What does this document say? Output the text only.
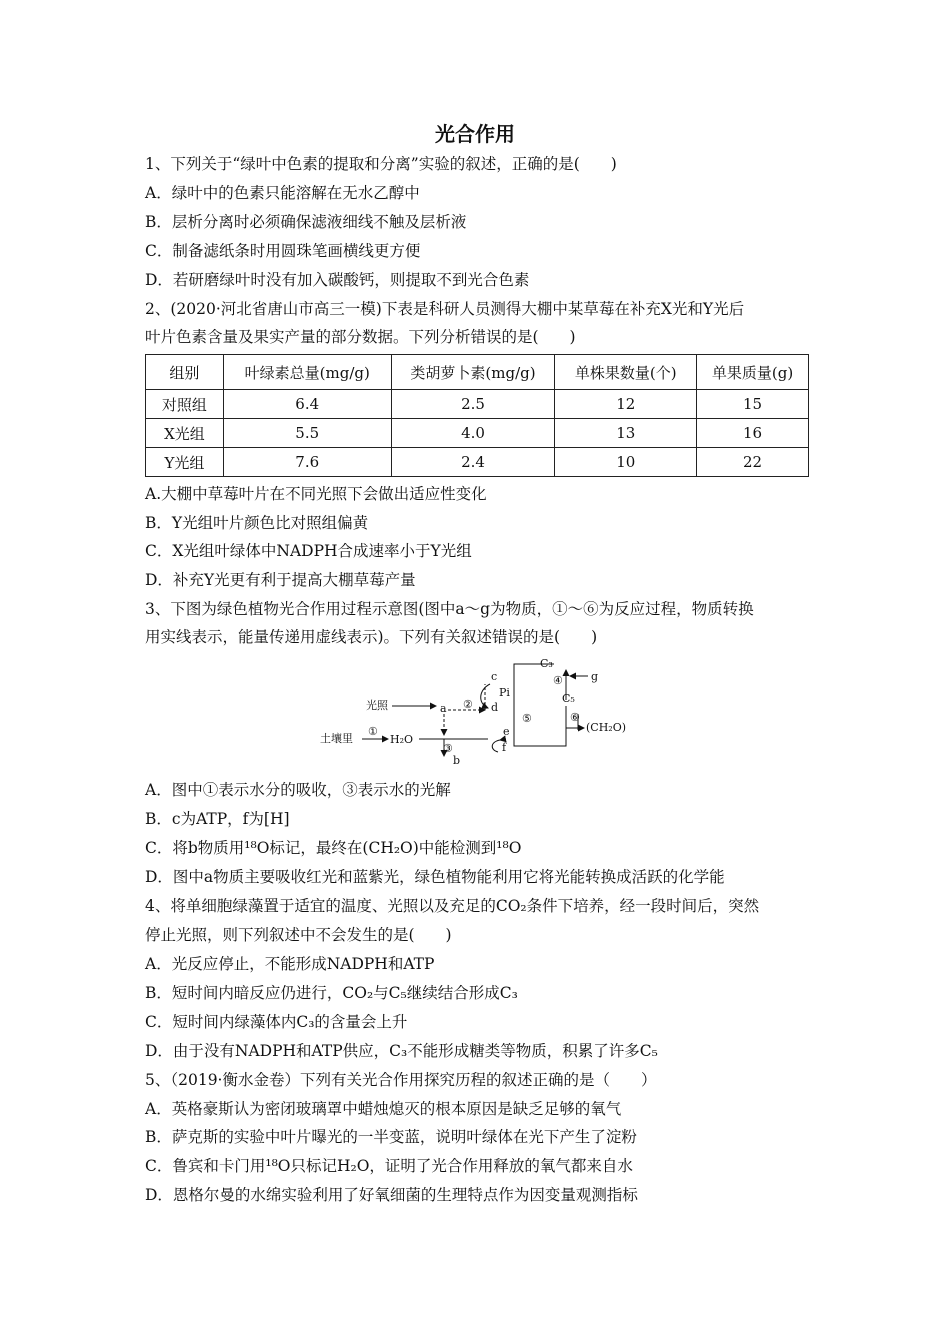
光合作用
1、下列关于“绿叶中色素的提取和分离”实验的叙述，正确的是(　　)
A．绿叶中的色素只能溶解在无水乙醇中
B．层析分离时必须确保滤液细线不触及层析液
C．制备滤纸条时用圆珠笔画横线更方便
D．若研磨绿叶时没有加入碳酸钙，则提取不到光合色素
2、(2020·河北省唐山市高三一模)下表是科研人员测得大棚中某草莓在补充X光和Y光后
叶片色素含量及果实产量的部分数据。下列分析错误的是(　　)
组别	叶绿素总量(mg/g)	类胡萝卜素(mg/g)	单株果数量(个)	单果质量(g)
对照组	6.4	2.5	12	15
X光组	5.5	4.0	13	16
Y光组	7.6	2.4	10	22
A.大棚中草莓叶片在不同光照下会做出适应性变化
B．Y光组叶片颜色比对照组偏黄
C．X光组叶绿体中NADPH合成速率小于Y光组
D．补充Y光更有利于提高大棚草莓产量
3、下图为绿色植物光合作用过程示意图(图中a～g为物质，①～⑥为反应过程，物质转换
用实线表示，能量传递用虚线表示)。下列有关叙述错误的是(　　)
光照
土壤里	H₂O
a
b
c
d
Pi
e
f
C₃
C₅
g
(CH₂O)
①
②
③
④
⑤	⑥
A．图中①表示水分的吸收，③表示水的光解
B．c为ATP，f为[H]
C．将b物质用¹⁸O标记，最终在(CH₂O)中能检测到¹⁸O
D．图中a物质主要吸收红光和蓝紫光，绿色植物能利用它将光能转换成活跃的化学能
4、将单细胞绿藻置于适宜的温度、光照以及充足的CO₂条件下培养，经一段时间后，突然
停止光照，则下列叙述中不会发生的是(　　)
A．光反应停止，不能形成NADPH和ATP
B．短时间内暗反应仍进行，CO₂与C₅继续结合形成C₃
C．短时间内绿藻体内C₃的含量会上升
D．由于没有NADPH和ATP供应，C₃不能形成糖类等物质，积累了许多C₅
5、（2019·衡水金卷）下列有关光合作用探究历程的叙述正确的是（　　）
A．英格豪斯认为密闭玻璃罩中蜡烛熄灭的根本原因是缺乏足够的氧气
B．萨克斯的实验中叶片曝光的一半变蓝，说明叶绿体在光下产生了淀粉
C．鲁宾和卡门用¹⁸O只标记H₂O，证明了光合作用释放的氧气都来自水
D．恩格尔曼的水绵实验利用了好氧细菌的生理特点作为因变量观测指标
